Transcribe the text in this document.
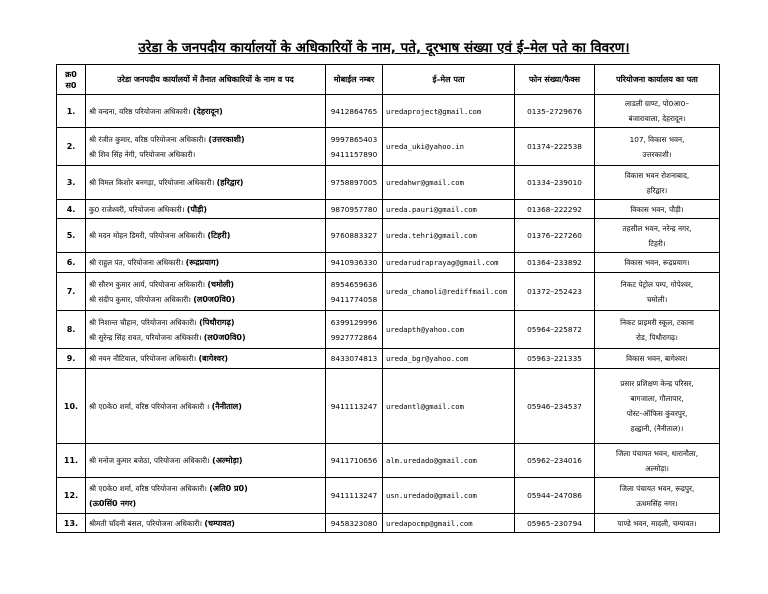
उरेडा के जनपदीय कार्यालयों के अधिकारियों के नाम, पते, दूरभाष संख्या एवं ई–मेल पते का विवरण।
क्र0 स0	उरेडा जनपदीय कार्यालयों में तैनात अधिकारियों के नाम व पद	मोबाईल नम्बर	ई–मेल पता	फोन संख्या/फैक्स	परियोजना कार्यालय का पता

1.	श्री वन्दना, वरिष्ठ परियोजना अधिकारी। (देहरादून)	9412864765	uredaproject@gmail.com	0135–2729676	लाडली ग्राण्ट, पो0आ0–
बंजारावाला, देहरादून।

2.	श्री रंजीत कुमार, वरिष्ठ परियोजना अधिकारी। (उत्तरकाशी)
श्री शिव सिंह नेगी, परियोजना अधिकारी।	9997865403
9411157890	ureda_uki@yahoo.in	01374–222538	107, विकास भवन,
उत्तरकाशी।

3.	श्री विमल किशोर बनगड़ा, परियोजना अधिकारी। (हरिद्वार)	9758897005	uredahwr@gmail.com	01334–239010	विकास भवन रोशनाबाद,
हरिद्वार।

4.	कु0 राजेश्वरी, परियोजना अधिकारी। (पौड़ी)	9870957780	ureda.pauri@gmail.com	01368–222292	विकास भवन, पौड़ी।

5.	श्री मदन मोहन डिमरी, परियोजना अधिकारी। (टिहरी)	9760883327	ureda.tehri@gmail.com	01376–227260	तहसील भवन, नरेन्द्र नगर,
टिहरी।

6.	श्री राहुल पंत, परियोजना अधिकारी। (रूद्रप्रयाग)	9410936330	uredarudraprayag@gmail.com	01364–233892	विकास भवन, रूद्रप्रयाग।

7.	श्री सौरभ कुमार आर्य, परियोजना अधिकारी। (चमोली)
श्री संदीप कुमार, परियोजना अधिकारी। (ल0ज0वि0)	8954659636
9411774058	ureda_chamoli@rediffmail.com	01372–252423	निकट पेट्रोल पम्प, गोपेश्वर,
चमोली।

8.	श्री निशान्त चौहान, परियोजना अधिकारी। (पिथौरागढ़)
श्री सुरेन्द्र सिंह रावत, परियोजना अधिकारी। (ल0ज0वि0)	6399129996
9927772864	uredapth@yahoo.com	05964–225872	निकट प्राइमरी स्कूल, टकाना
रोड, पिथौरागढ़।

9.	श्री नयन नौटियाल, परियोजना अधिकारी। (बागेश्वर)	8433074813	ureda_bgr@yahoo.com	05963–221335	विकास भवन, बागेश्वर।

10.	श्री ए0के0 शर्मा, वरिष्ठ परियोजना अधिकारी । (नैनीताल)	9411113247	uredantl@gmail.com	05946–234537	प्रसार प्रशिक्षण केन्द्र परिसर,
बागजाला, गौलापार,
पोस्ट–ऑफिस कुंवरपुर,
हल्द्वानी, (नैनीताल)।

11.	श्री मनोज कुमार बजेठा, परियोजना अधिकारी। (अल्मोड़ा)	9411710656	alm.uredado@gmail.com	05962–234016	जिला पंचायत भवन, धारानौला,
अल्मोड़ा।

12.	श्री ए0के0 शर्मा, वरिष्ठ परियोजना अधिकारी। (अति0 प्र0)
(ऊ0सिं0 नगर)	9411113247	usn.uredado@gmail.com	05944–247086	जिला पंचायत भवन, रूद्रपुर,
ऊधमसिंह नगर।

13.	श्रीमती चाँदनी बंसल, परियोजना अधिकारी। (चम्पावत)	9458323080	uredapocmp@gmail.com	05965–230794	पाण्डे भवन, मादली, चम्पावत।
